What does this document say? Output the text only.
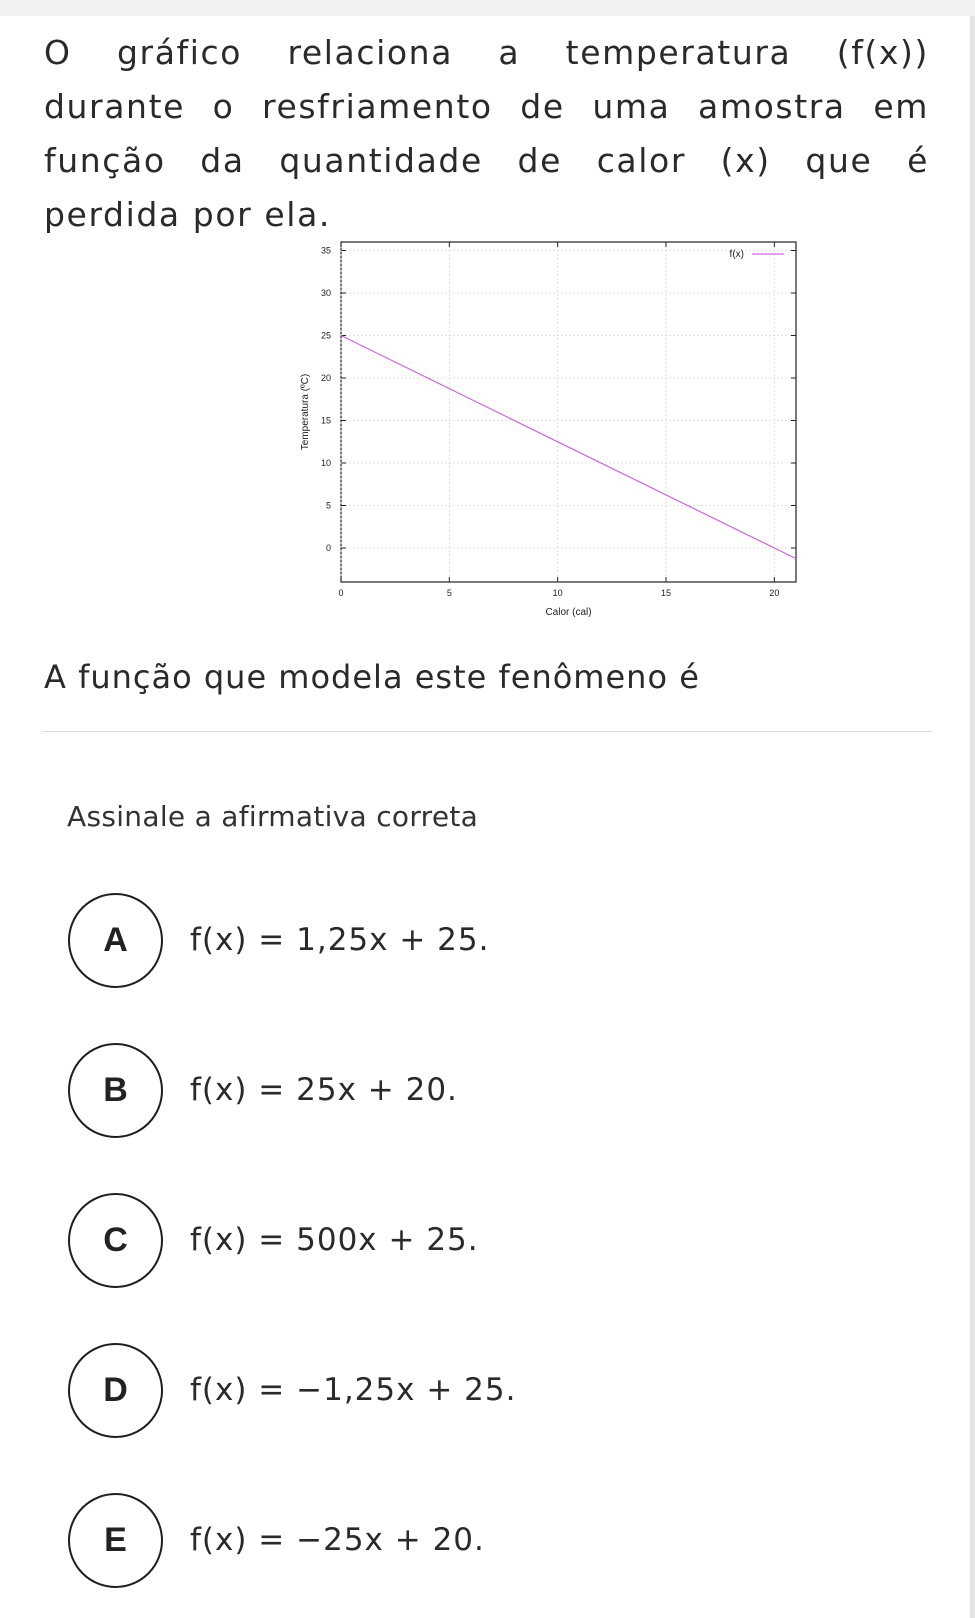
O gráfico relaciona a temperatura (f(x))
durante o resfriamento de uma amostra em
função da quantidade de calor (x) que é
perdida por ela.
0
5
10
15
20
25
30
35
0	5	10	15	20
f(x)
Calor (cal)
Temperatura (ºC)
A função que modela este fenômeno é
Assinale a afirmativa correta
A	f(x) = 1,25x + 25.
B	f(x) = 25x + 20.
C	f(x) = 500x + 25.
D	f(x) = −1,25x + 25.
E	f(x) = −25x + 20.
